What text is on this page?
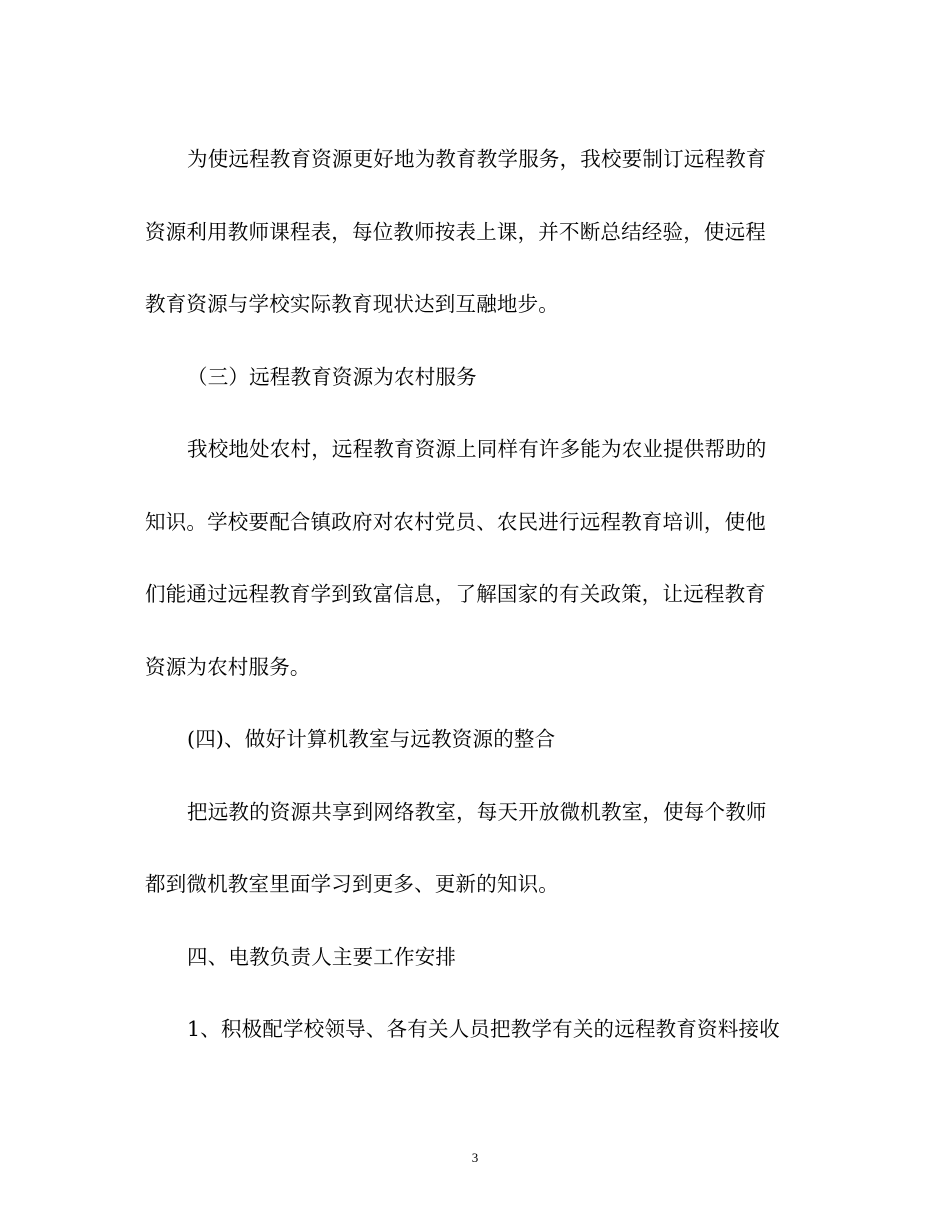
为使远程教育资源更好地为教育教学服务，我校要制订远程教育
资源利用教师课程表，每位教师按表上课，并不断总结经验，使远程
教育资源与学校实际教育现状达到互融地步。
（三）远程教育资源为农村服务
我校地处农村，远程教育资源上同样有许多能为农业提供帮助的
知识。学校要配合镇政府对农村党员、农民进行远程教育培训，使他
们能通过远程教育学到致富信息，了解国家的有关政策，让远程教育
资源为农村服务。
(四)、做好计算机教室与远教资源的整合
把远教的资源共享到网络教室，每天开放微机教室，使每个教师
都到微机教室里面学习到更多、更新的知识。
四、电教负责人主要工作安排
1、积极配学校领导、各有关人员把教学有关的远程教育资料接收
3
